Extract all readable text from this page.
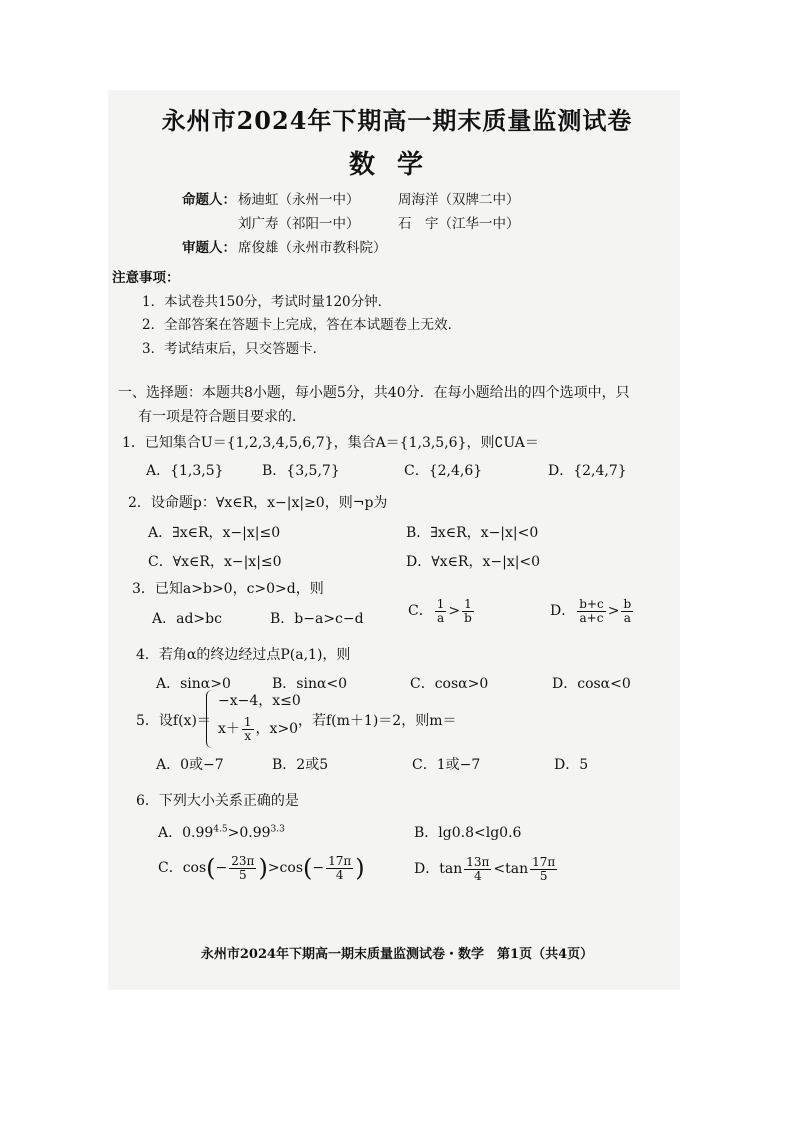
永州市2024年下期高一期末质量监测试卷
数学
命题人： 杨迪虹（永州一中）	周海洋（双牌二中）
刘广寿（祁阳一中）	石　宇（江华一中）
审题人： 席俊雄（永州市教科院）
注意事项：
1．本试卷共150分，考试时量120分钟．
2．全部答案在答题卡上完成，答在本试题卷上无效．
3．考试结束后，只交答题卡．
一、选择题：本题共8小题，每小题5分，共40分．在每小题给出的四个选项中，只
有一项是符合题目要求的．
1．已知集合U＝{1,2,3,4,5,6,7}，集合A＝{1,3,5,6}，则∁UA＝
A．{1,3,5}	B．{3,5,7}	C．{2,4,6}	D．{2,4,7}
2．设命题p：∀x∈R，x−|x|≥0，则¬p为
A．∃x∈R，x−|x|≤0	B．∃x∈R，x−|x|<0
C．∀x∈R，x−|x|≤0	D．∀x∈R，x−|x|<0
3．已知a>b>0，c>0>d，则
A．ad>bc	B．b−a>c−d	C． $\frac{1}{a} > \frac{1}{b}$	D． $\frac{b+c}{a+c} > \frac{b}{a}$
4．若角α的终边经过点P(a,1)，则
A．sinα>0	B．sinα<0	C．cosα>0	D．cosα<0
5．设f(x)＝
−x−4，x≤0
$x+ \frac{1}{x}$ ，x>0
，若f(m＋1)＝2，则m＝
A．0或−7	B．2或5	C．1或−7	D．5
6．下列大小关系正确的是
A．$0.99^{4.5}>0.99^{3.3}$	B．lg0.8<lg0.6
C．$\cos(- \frac{23\pi}{5} )>\cos(- \frac{17\pi}{4}$ )	D．$\tan \frac{13\pi}{4} <\tan \frac{17\pi}{5}$
永州市2024年下期高一期末质量监测试卷・数学　第1页（共4页）
